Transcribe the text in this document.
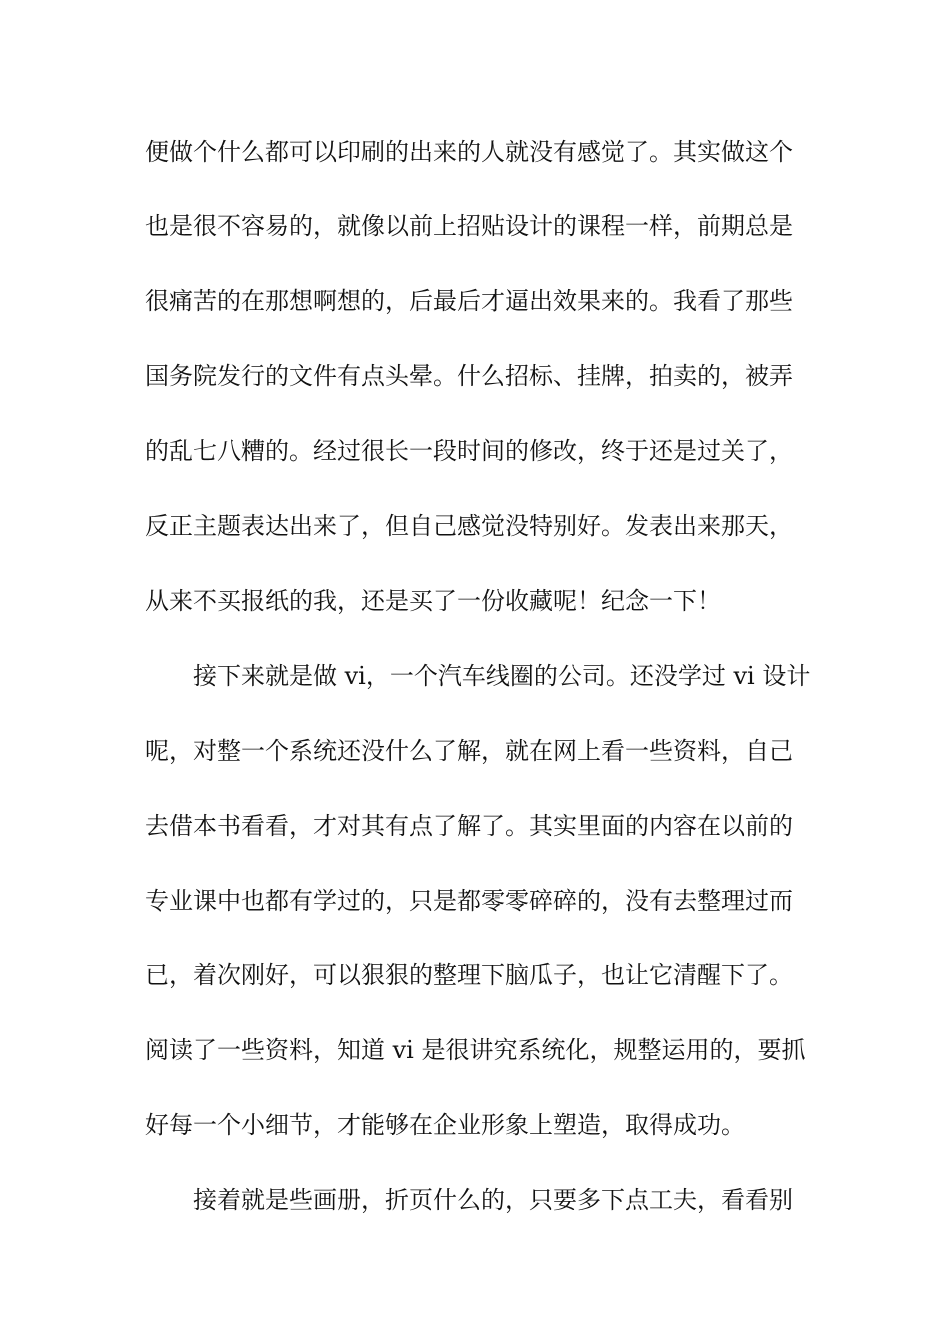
便做个什么都可以印刷的出来的人就没有感觉了。其实做这个
也是很不容易的，就像以前上招贴设计的课程一样，前期总是
很痛苦的在那想啊想的，后最后才逼出效果来的。我看了那些
国务院发行的文件有点头晕。什么招标、挂牌，拍卖的，被弄
的乱七八糟的。经过很长一段时间的修改，终于还是过关了，
反正主题表达出来了，但自己感觉没特别好。发表出来那天，
从来不买报纸的我，还是买了一份收藏呢！纪念一下！
接下来就是做 vi，一个汽车线圈的公司。还没学过 vi 设计
呢，对整一个系统还没什么了解，就在网上看一些资料，自己
去借本书看看，才对其有点了解了。其实里面的内容在以前的
专业课中也都有学过的，只是都零零碎碎的，没有去整理过而
已，着次刚好，可以狠狠的整理下脑瓜子，也让它清醒下了。
阅读了一些资料，知道 vi 是很讲究系统化，规整运用的，要抓
好每一个小细节，才能够在企业形象上塑造，取得成功。
接着就是些画册，折页什么的，只要多下点工夫，看看别
